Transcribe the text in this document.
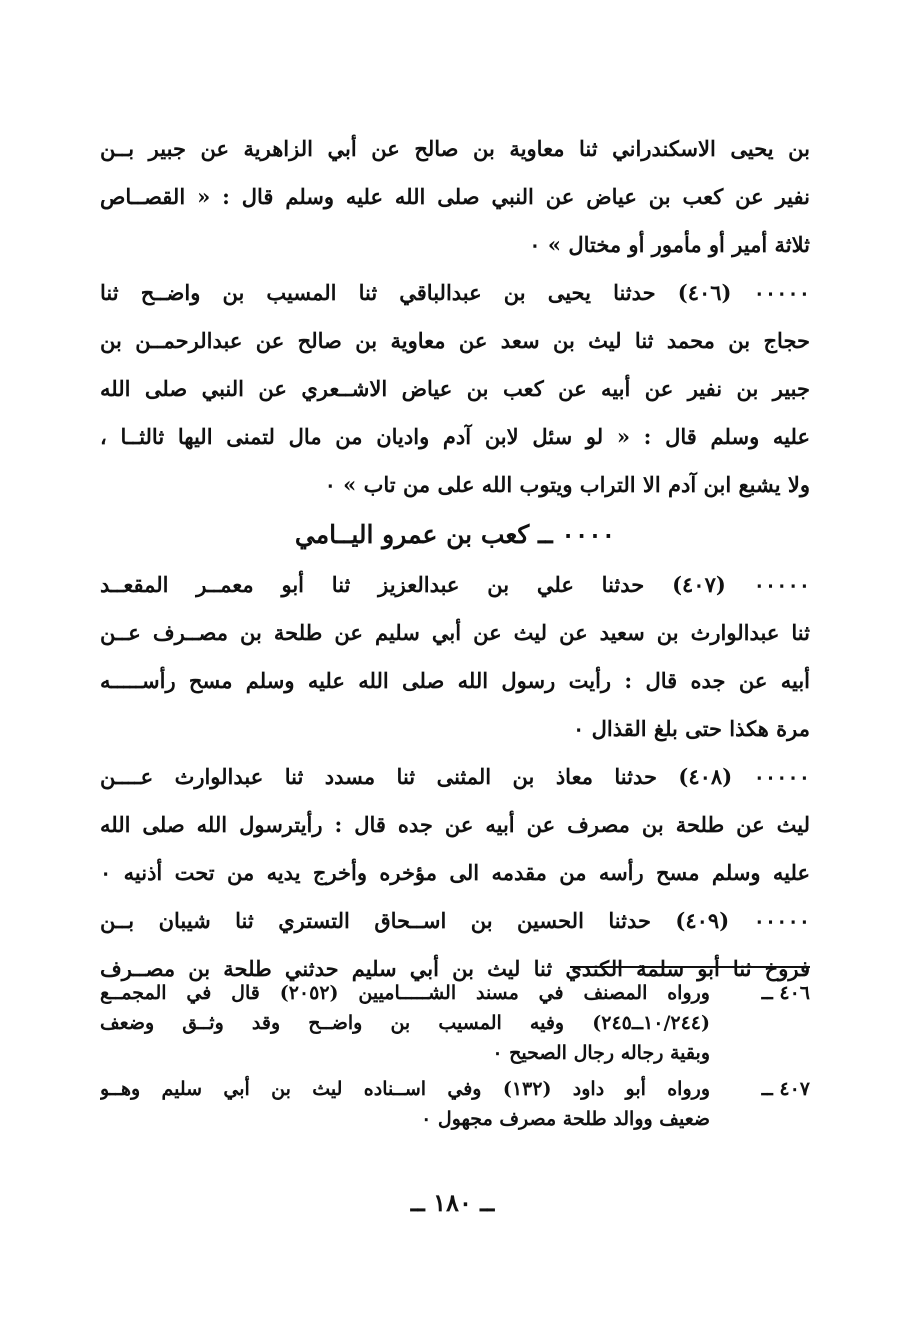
بن يحيى الاسكندراني ثنا معاوية بن صالح عن أبي الزاهرية عن جبير بــن
نفير عن كعب بن عياض عن النبي صلى الله عليه وسلم قال : « القصــاص
ثلاثة أمير أو مأمور أو مختال » ٠
٠٠٠٠٠ (٤٠٦) حدثنا يحيى بن عبدالباقي ثنا المسيب بن واضــح ثنا
حجاج بن محمد ثنا ليث بن سعد عن معاوية بن صالح عن عبدالرحمــن بن
جبير بن نفير عن أبيه عن كعب بن عياض الاشــعري عن النبي صلى الله
عليه وسلم قال : « لو سئل لابن آدم واديان من مال لتمنى اليها ثالثــا ،
ولا يشبع ابن آدم الا التراب ويتوب الله على من تاب » ٠
٠٠٠٠ ــ كعب بن عمرو اليــامي
٠٠٠٠٠ (٤٠٧) حدثنا علي بن عبدالعزيز ثنا أبو معمــر المقعــد
ثنا عبدالوارث بن سعيد عن ليث عن أبي سليم عن طلحة بن مصــرف عــن
أبيه عن جده قال : رأيت رسول الله صلى الله عليه وسلم مسح رأســـــه
مرة هكذا حتى بلغ القذال ٠
٠٠٠٠٠ (٤٠٨) حدثنا معاذ بن المثنى ثنا مسدد ثنا عبدالوارث عــــن
ليث عن طلحة بن مصرف عن أبيه عن جده قال : رأيترسول الله صلى الله
عليه وسلم مسح رأسه من مقدمه الى مؤخره وأخرج يديه من تحت أذنيه ٠
٠٠٠٠٠ (٤٠٩) حدثنا الحسين بن اســحاق التستري ثنا شيبان بــن
فروخ ثنا أبو سلمة الكندي ثنا ليث بن أبي سليم حدثني طلحة بن مصــرف
٤٠٦ ــ
ورواه المصنف في مسند الشـــــاميين (٢٠٥٢) قال في المجمــع
(١٠/٢٤٤ــ٢٤٥) وفيه المسيب بن واضــح وقد وثــق وضعف
وبقية رجاله رجال الصحيح ٠
٤٠٧ ــ
ورواه أبو داود (١٣٢) وفي اســناده ليث بن أبي سليم وهــو
ضعيف ووالد طلحة مصرف مجهول ٠
ــ ١٨٠ ــ
